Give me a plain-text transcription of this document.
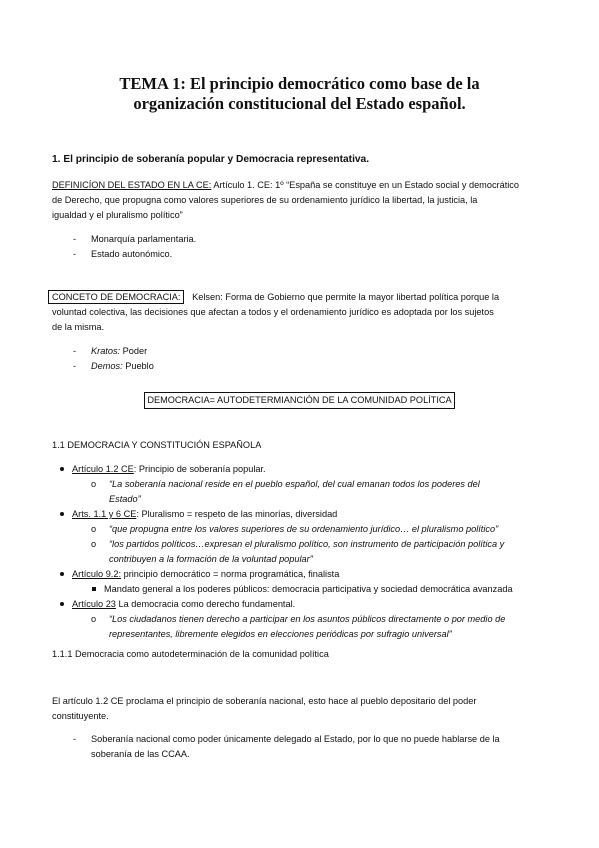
TEMA 1: El principio democrático como base de la
organización constitucional del Estado español.
1. El principio de soberanía popular y Democracia representativa.
DEFINICÍON DEL ESTADO EN LA CE: Artículo 1. CE: 1º “España se constituye en un Estado social y democrático
de Derecho, que propugna como valores superiores de su ordenamiento jurídico la libertad, la justicia, la
igualdad y el pluralismo político”
- Monarquía parlamentaria.
- Estado autonómico.
CONCETO DE DEMOCRACIA: Kelsen: Forma de Gobierno que permite la mayor libertad política porque la
voluntad colectiva, las decisiones que afectan a todos y el ordenamiento jurídico es adoptada por los sujetos
de la misma.
- Kratos: Poder
- Demos: Pueblo
DEMOCRACIA= AUTODETERMIANCIÓN DE LA COMUNIDAD POLÍTICA
1.1 DEMOCRACIA Y CONSTITUCIÓN ESPAÑOLA
Artículo 1.2 CE: Principio de soberanía popular.
o “La soberanía nacional reside en el pueblo español, del cual emanan todos los poderes del
Estado”
Arts. 1.1 y 6 CE: Pluralismo = respeto de las minorías, diversidad
o “que propugna entre los valores superiores de su ordenamiento jurídico… el pluralismo político”
o “los partidos políticos…expresan el pluralismo político, son instrumento de participación política y
contribuyen a la formación de la voluntad popular”
Artículo 9.2: principio democrático = norma programática, finalista
Mandato general a los poderes públicos: democracia participativa y sociedad democrática avanzada
Artículo 23 La democracia como derecho fundamental.
o “Los ciudadanos tienen derecho a participar en los asuntos públicos directamente o por medio de
representantes, libremente elegidos en elecciones periódicas por sufragio universal”
1.1.1 Democracia como autodeterminación de la comunidad política
El artículo 1.2 CE proclama el principio de soberanía nacional, esto hace al pueblo depositario del poder
constituyente.
- Soberanía nacional como poder únicamente delegado al Estado, por lo que no puede hablarse de la
soberanía de las CCAA.
